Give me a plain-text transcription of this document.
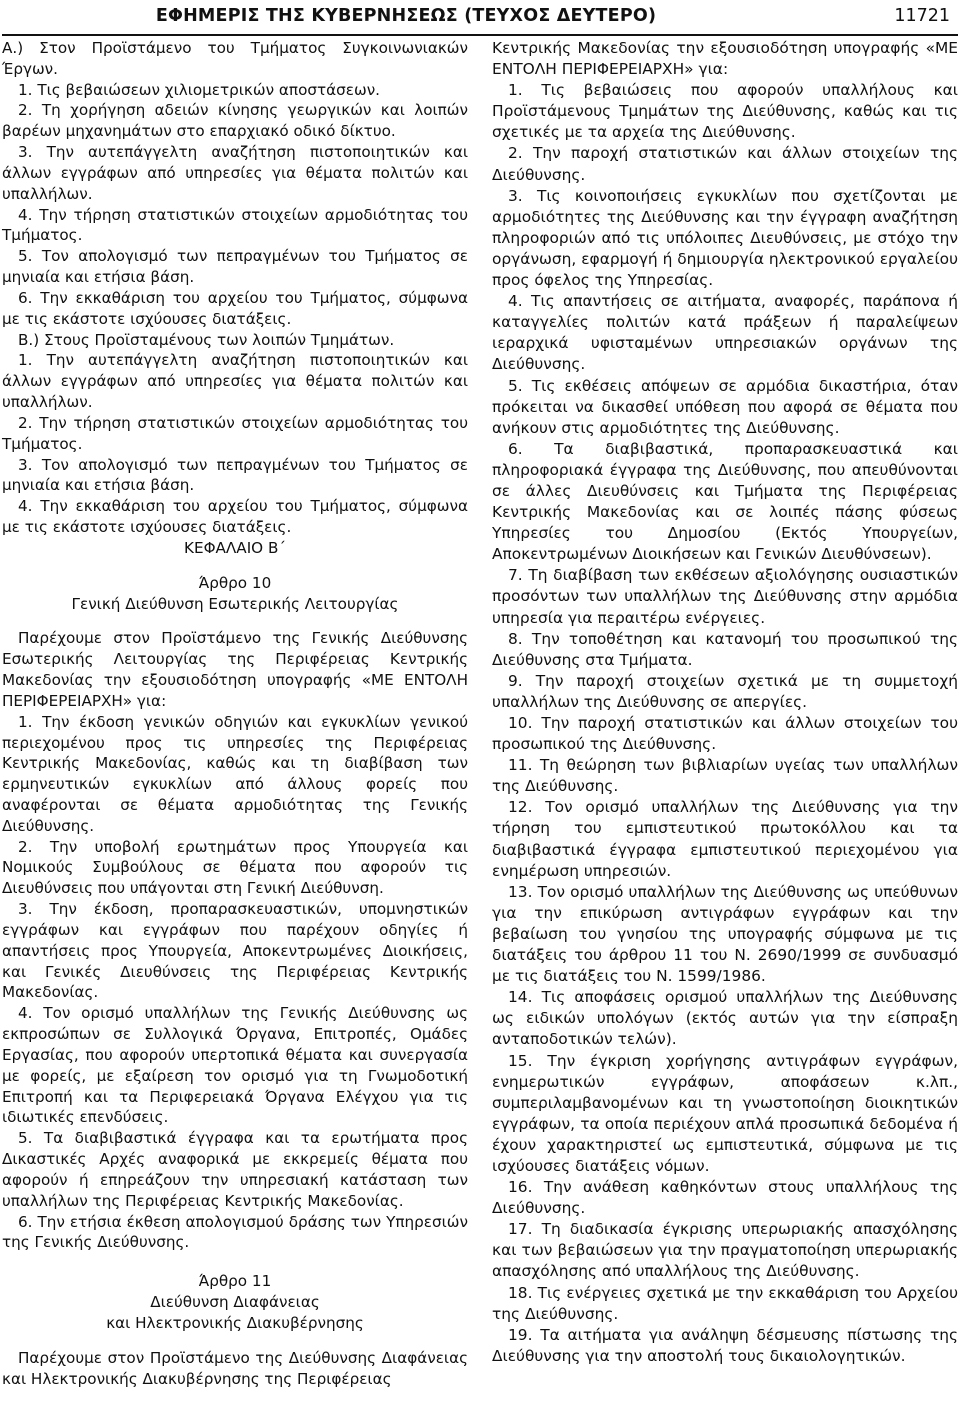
ΕΦΗΜΕΡΙΣ ΤΗΣ ΚΥΒΕΡΝΗΣΕΩΣ (ΤΕΥΧΟΣ ΔΕΥΤΕΡΟ)	11721

Α.) Στον Προϊστάμενο του Τμήματος Συγκοινωνιακών Έργων.

1. Τις βεβαιώσεων χιλιομετρικών αποστάσεων.

2. Τη χορήγηση αδειών κίνησης γεωργικών και λοιπών βαρέων μηχανημάτων στο επαρχιακό οδικό δίκτυο.

3. Την αυτεπάγγελτη αναζήτηση πιστοποιητικών και άλλων εγγράφων από υπηρεσίες για θέματα πολιτών και υπαλλήλων.

4. Την τήρηση στατιστικών στοιχείων αρμοδιότητας του Τμήματος.

5. Τον απολογισμό των πεπραγμένων του Τμήματος σε μηνιαία και ετήσια βάση.

6. Την εκκαθάριση του αρχείου του Τμήματος, σύμφωνα με τις εκάστοτε ισχύουσες διατάξεις.

Β.) Στους Προϊσταμένους των λοιπών Τμημάτων.

1. Την αυτεπάγγελτη αναζήτηση πιστοποιητικών και άλλων εγγράφων από υπηρεσίες για θέματα πολιτών και υπαλλήλων.

2. Την τήρηση στατιστικών στοιχείων αρμοδιότητας του Τμήματος.

3. Τον απολογισμό των πεπραγμένων του Τμήματος σε μηνιαία και ετήσια βάση.

4. Την εκκαθάριση του αρχείου του Τμήματος, σύμφωνα με τις εκάστοτε ισχύουσες διατάξεις.

ΚΕΦΑΛΑΙΟ Β΄

Άρθρο 10

Γενική Διεύθυνση Εσωτερικής Λειτουργίας

Παρέχουμε στον Προϊστάμενο της Γενικής Διεύθυνσης Εσωτερικής Λειτουργίας της Περιφέρειας Κεντρικής Μακεδονίας την εξουσιοδότηση υπογραφής «ΜΕ ΕΝΤΟΛΗ ΠΕΡΙΦΕΡΕΙΑΡΧΗ» για:

1. Την έκδοση γενικών οδηγιών και εγκυκλίων γενικού περιεχομένου προς τις υπηρεσίες της Περιφέρειας Κεντρικής Μακεδονίας, καθώς και τη διαβίβαση των ερμηνευτικών εγκυκλίων από άλλους φορείς που αναφέρονται σε θέματα αρμοδιότητας της Γενικής Διεύθυνσης.

2. Την υποβολή ερωτημάτων προς Υπουργεία και Νομικούς Συμβούλους σε θέματα που αφορούν τις Διευθύνσεις που υπάγονται στη Γενική Διεύθυνση.

3. Την έκδοση, προπαρασκευαστικών, υπομνηστικών εγγράφων και εγγράφων που παρέχουν οδηγίες ή απαντήσεις προς Υπουργεία, Αποκεντρωμένες Διοικήσεις, και Γενικές Διευθύνσεις της Περιφέρειας Κεντρικής Μακεδονίας.

4. Τον ορισμό υπαλλήλων της Γενικής Διεύθυνσης ως εκπροσώπων σε Συλλογικά Όργανα, Επιτροπές, Ομάδες Εργασίας, που αφορούν υπερτοπικά θέματα και συνεργασία με φορείς, με εξαίρεση τον ορισμό για τη Γνωμοδοτική Επιτροπή και τα Περιφερειακά Όργανα Ελέγχου για τις ιδιωτικές επενδύσεις.

5. Τα διαβιβαστικά έγγραφα και τα ερωτήματα προς Δικαστικές Αρχές αναφορικά με εκκρεμείς θέματα που αφορούν ή επηρεάζουν την υπηρεσιακή κατάσταση των υπαλλήλων της Περιφέρειας Κεντρικής Μακεδονίας.

6. Την ετήσια έκθεση απολογισμού δράσης των Υπηρεσιών της Γενικής Διεύθυνσης.

Άρθρο 11

Διεύθυνση Διαφάνειας

και Ηλεκτρονικής Διακυβέρνησης

Παρέχουμε στον Προϊστάμενο της Διεύθυνσης Διαφάνειας και Ηλεκτρονικής Διακυβέρνησης της Περιφέρειας

Κεντρικής Μακεδονίας την εξουσιοδότηση υπογραφής «ΜΕ ΕΝΤΟΛΗ ΠΕΡΙΦΕΡΕΙΑΡΧΗ» για:

1. Τις βεβαιώσεις που αφορούν υπαλλήλους και Προϊστάμενους Τμημάτων της Διεύθυνσης, καθώς και τις σχετικές με τα αρχεία της Διεύθυνσης.

2. Την παροχή στατιστικών και άλλων στοιχείων της Διεύθυνσης.

3. Τις κοινοποιήσεις εγκυκλίων που σχετίζονται με αρμοδιότητες της Διεύθυνσης και την έγγραφη αναζήτηση πληροφοριών από τις υπόλοιπες Διευθύνσεις, με στόχο την οργάνωση, εφαρμογή ή δημιουργία ηλεκτρονικού εργαλείου προς όφελος της Υπηρεσίας.

4. Τις απαντήσεις σε αιτήματα, αναφορές, παράπονα ή καταγγελίες πολιτών κατά πράξεων ή παραλείψεων ιεραρχικά υφισταμένων υπηρεσιακών οργάνων της Διεύθυνσης.

5. Τις εκθέσεις απόψεων σε αρμόδια δικαστήρια, όταν πρόκειται να δικασθεί υπόθεση που αφορά σε θέματα που ανήκουν στις αρμοδιότητες της Διεύθυνσης.

6. Τα διαβιβαστικά, προπαρασκευαστικά και πληροφοριακά έγγραφα της Διεύθυνσης, που απευθύνονται σε άλλες Διευθύνσεις και Τμήματα της Περιφέρειας Κεντρικής Μακεδονίας και σε λοιπές πάσης φύσεως Υπηρεσίες του Δημοσίου (Εκτός Υπουργείων, Αποκεντρωμένων Διοικήσεων και Γενικών Διευθύνσεων).

7. Τη διαβίβαση των εκθέσεων αξιολόγησης ουσιαστικών προσόντων των υπαλλήλων της Διεύθυνσης στην αρμόδια υπηρεσία για περαιτέρω ενέργειες.

8. Την τοποθέτηση και κατανομή του προσωπικού της Διεύθυνσης στα Τμήματα.

9. Την παροχή στοιχείων σχετικά με τη συμμετοχή υπαλλήλων της Διεύθυνσης σε απεργίες.

10. Την παροχή στατιστικών και άλλων στοιχείων του προσωπικού της Διεύθυνσης.

11. Τη θεώρηση των βιβλιαρίων υγείας των υπαλλήλων της Διεύθυνσης.

12. Τον ορισμό υπαλλήλων της Διεύθυνσης για την τήρηση του εμπιστευτικού πρωτοκόλλου και τα διαβιβαστικά έγγραφα εμπιστευτικού περιεχομένου για ενημέρωση υπηρεσιών.

13. Τον ορισμό υπαλλήλων της Διεύθυνσης ως υπεύθυνων για την επικύρωση αντιγράφων εγγράφων και την βεβαίωση του γνησίου της υπογραφής σύμφωνα με τις διατάξεις του άρθρου 11 του Ν. 2690/1999 σε συνδυασμό με τις διατάξεις του Ν. 1599/1986.

14. Τις αποφάσεις ορισμού υπαλλήλων της Διεύθυνσης ως ειδικών υπολόγων (εκτός αυτών για την είσπραξη ανταποδοτικών τελών).

15. Την έγκριση χορήγησης αντιγράφων εγγράφων, ενημερωτικών εγγράφων, αποφάσεων κ.λπ., συμπεριλαμβανομένων και τη γνωστοποίηση διοικητικών εγγράφων, τα οποία περιέχουν απλά προσωπικά δεδομένα ή έχουν χαρακτηριστεί ως εμπιστευτικά, σύμφωνα με τις ισχύουσες διατάξεις νόμων.

16. Την ανάθεση καθηκόντων στους υπαλλήλους της Διεύθυνσης.

17. Τη διαδικασία έγκρισης υπερωριακής απασχόλησης και των βεβαιώσεων για την πραγματοποίηση υπερωριακής απασχόλησης από υπαλλήλους της Διεύθυνσης.

18. Τις ενέργειες σχετικά με την εκκαθάριση του Αρχείου της Διεύθυνσης.

19. Τα αιτήματα για ανάληψη δέσμευσης πίστωσης της Διεύθυνσης για την αποστολή τους δικαιολογητικών.
